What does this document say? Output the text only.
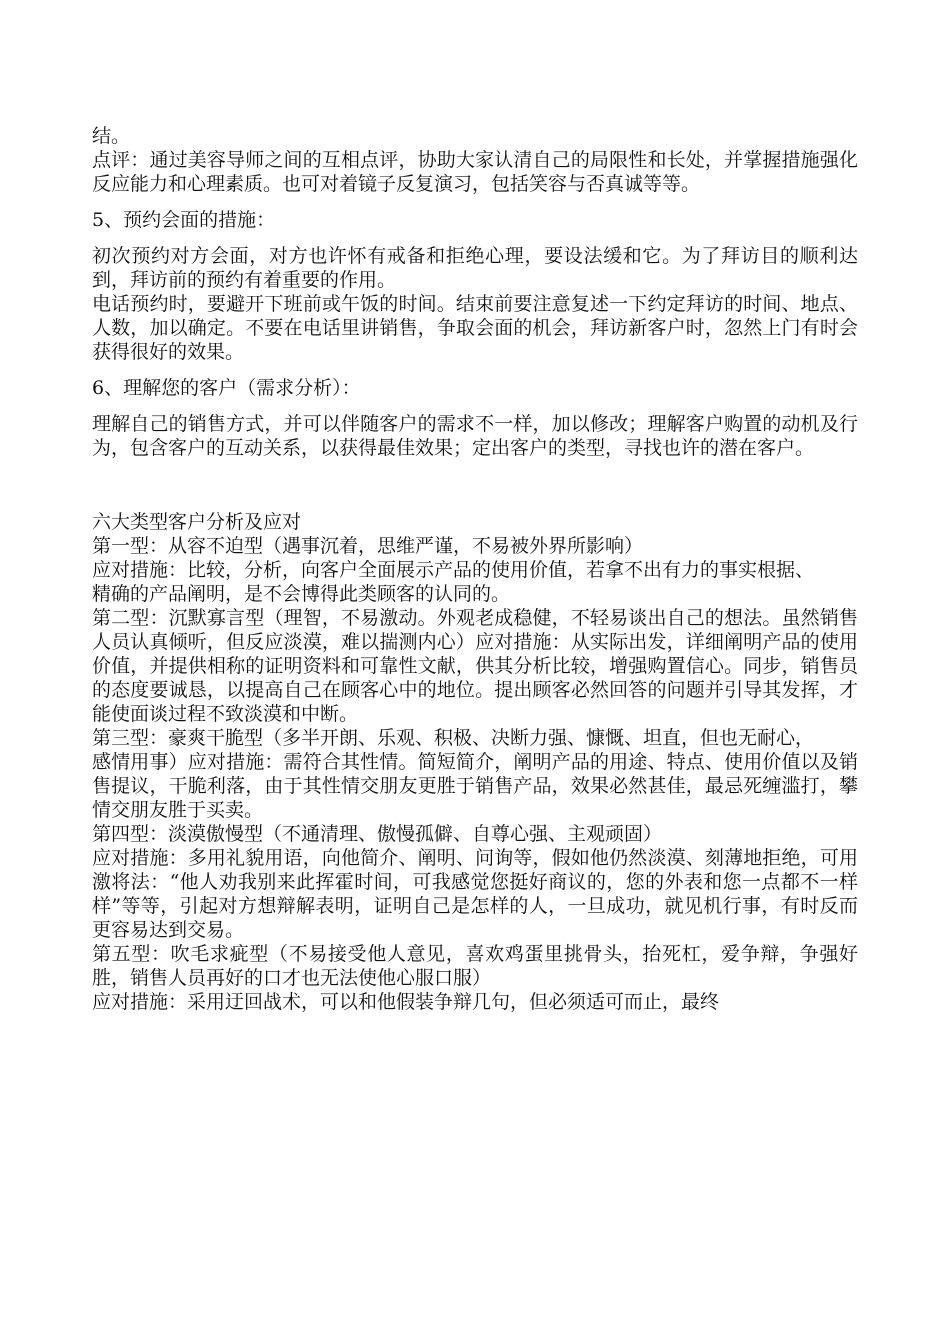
结。

点评：通过美容导师之间的互相点评，协助大家认清自己的局限性和长处，并掌握措施强化反应能力和心理素质。也可对着镜子反复演习，包括笑容与否真诚等等。

5、预约会面的措施：

初次预约对方会面，对方也许怀有戒备和拒绝心理，要设法缓和它。为了拜访目的顺利达到，拜访前的预约有着重要的作用。

电话预约时，要避开下班前或午饭的时间。结束前要注意复述一下约定拜访的时间、地点、人数，加以确定。不要在电话里讲销售，争取会面的机会，拜访新客户时，忽然上门有时会获得很好的效果。

6、理解您的客户（需求分析）：

理解自己的销售方式，并可以伴随客户的需求不一样，加以修改；理解客户购置的动机及行为，包含客户的互动关系，以获得最佳效果；定出客户的类型，寻找也许的潜在客户。

六大类型客户分析及应对

第一型：从容不迫型（遇事沉着，思维严谨，不易被外界所影响）

应对措施：比较，分析，向客户全面展示产品的使用价值，若拿不出有力的事实根据、

精确的产品阐明，是不会博得此类顾客的认同的。

第二型：沉默寡言型（理智，不易激动。外观老成稳健，不轻易谈出自己的想法。虽然销售人员认真倾听，但反应淡漠，难以揣测内心）应对措施：从实际出发，详细阐明产品的使用价值，并提供相称的证明资料和可靠性文献，供其分析比较，增强购置信心。同步，销售员的态度要诚恳，以提高自己在顾客心中的地位。提出顾客必然回答的问题并引导其发挥，才能使面谈过程不致淡漠和中断。

第三型：豪爽干脆型（多半开朗、乐观、积极、决断力强、慷慨、坦直，但也无耐心，

感情用事）应对措施：需符合其性情。简短简介，阐明产品的用途、特点、使用价值以及销售提议，干脆利落，由于其性情交朋友更胜于销售产品，效果必然甚佳，最忌死缠滥打，攀情交朋友胜于买卖。

第四型：淡漠傲慢型（不通清理、傲慢孤僻、自尊心强、主观顽固）

应对措施：多用礼貌用语，向他简介、阐明、问询等，假如他仍然淡漠、刻薄地拒绝，可用激将法：“他人劝我别来此挥霍时间，可我感觉您挺好商议的，您的外表和您一点都不一样样”等等，引起对方想辩解表明，证明自己是怎样的人，一旦成功，就见机行事，有时反而更容易达到交易。

第五型：吹毛求疵型（不易接受他人意见，喜欢鸡蛋里挑骨头，抬死杠，爱争辩，争强好胜，销售人员再好的口才也无法使他心服口服）

应对措施：采用迂回战术，可以和他假装争辩几句，但必须适可而止，最终
